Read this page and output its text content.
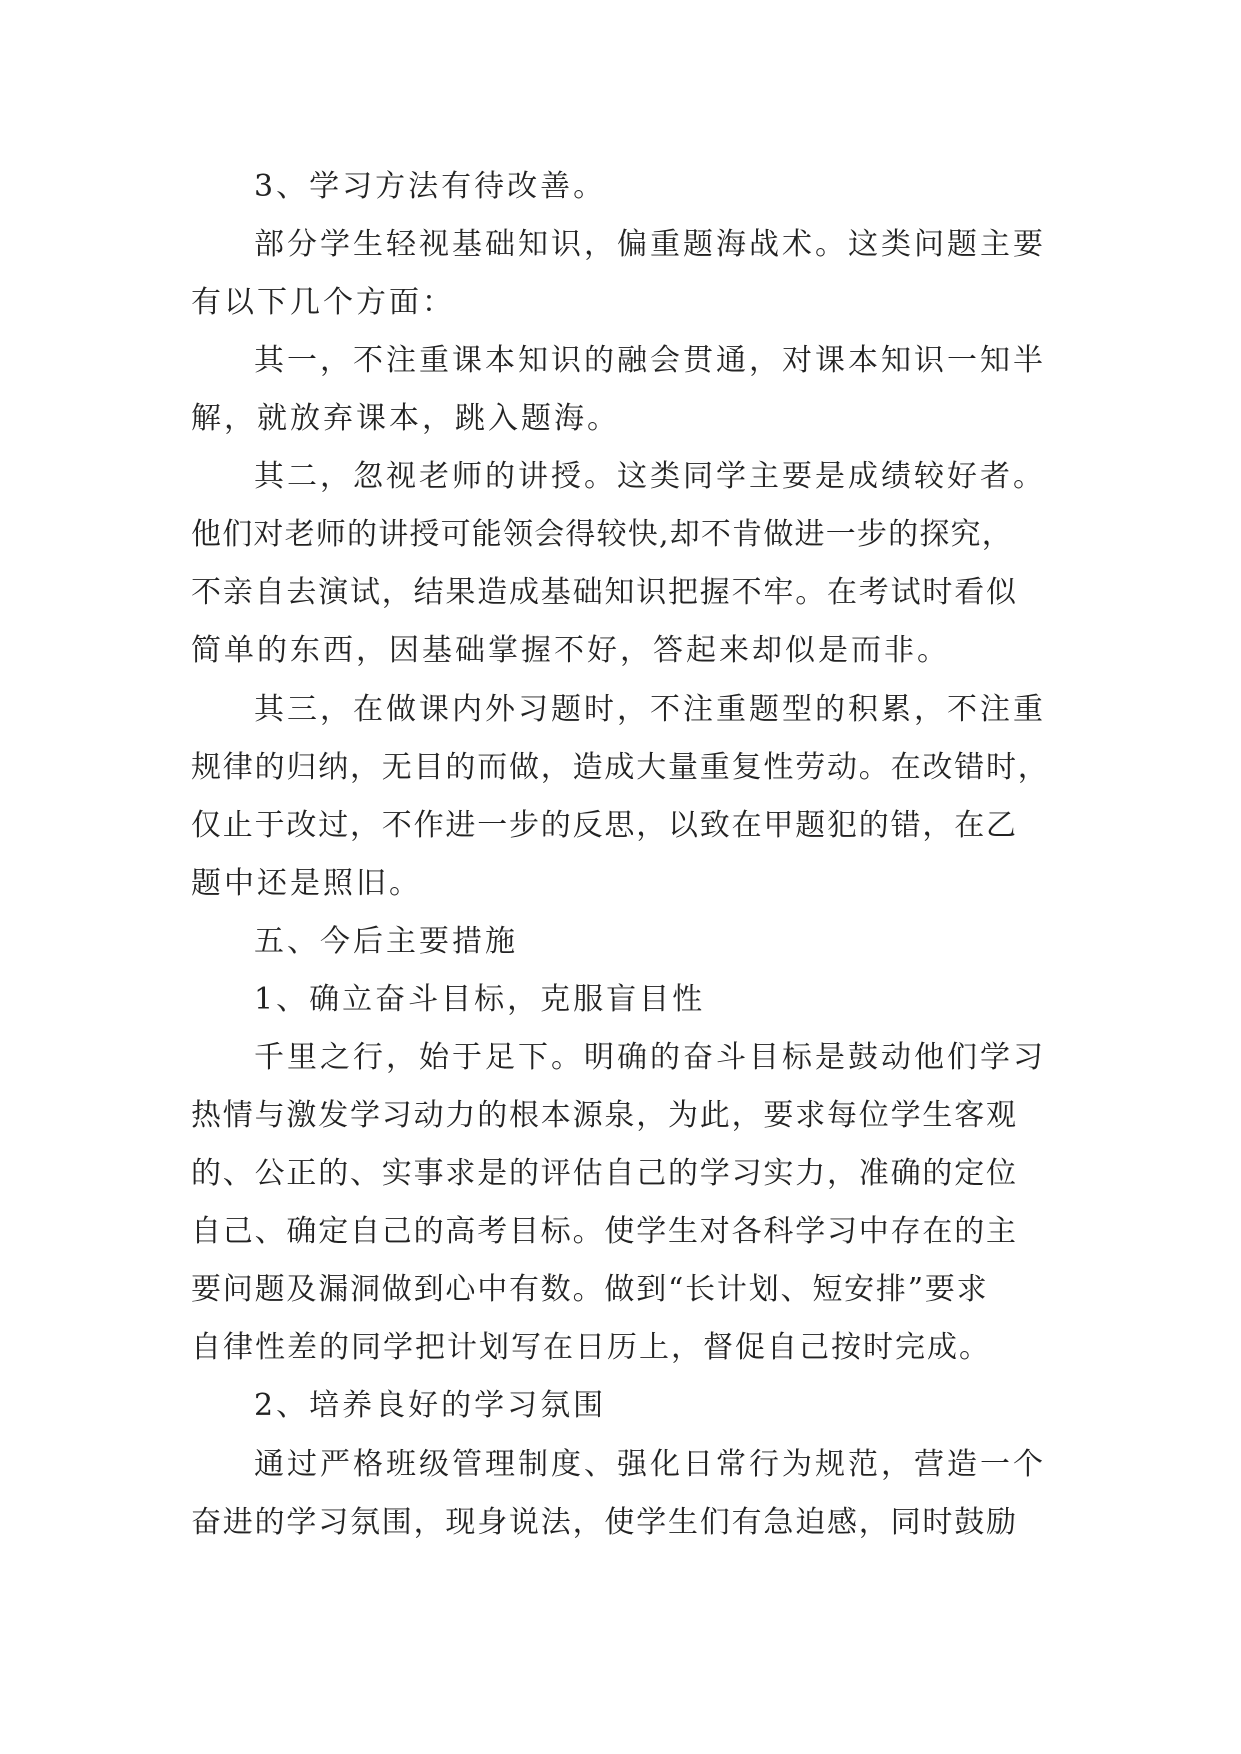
3、学习方法有待改善。
部分学生轻视基础知识，偏重题海战术。这类问题主要
有以下几个方面：
其一，不注重课本知识的融会贯通，对课本知识一知半
解，就放弃课本，跳入题海。
其二，忽视老师的讲授。这类同学主要是成绩较好者。
他们对老师的讲授可能领会得较快,却不肯做进一步的探究，
不亲自去演试，结果造成基础知识把握不牢。在考试时看似
简单的东西，因基础掌握不好，答起来却似是而非。
其三，在做课内外习题时，不注重题型的积累，不注重
规律的归纳，无目的而做，造成大量重复性劳动。在改错时，
仅止于改过，不作进一步的反思，以致在甲题犯的错，在乙
题中还是照旧。
五、今后主要措施
1、确立奋斗目标，克服盲目性
千里之行，始于足下。明确的奋斗目标是鼓动他们学习
热情与激发学习动力的根本源泉，为此，要求每位学生客观
的、公正的、实事求是的评估自己的学习实力，准确的定位
自己、确定自己的高考目标。使学生对各科学习中存在的主
要问题及漏洞做到心中有数。做到“长计划、短安排”要求
自律性差的同学把计划写在日历上，督促自己按时完成。
2、培养良好的学习氛围
通过严格班级管理制度、强化日常行为规范，营造一个
奋进的学习氛围，现身说法，使学生们有急迫感，同时鼓励
